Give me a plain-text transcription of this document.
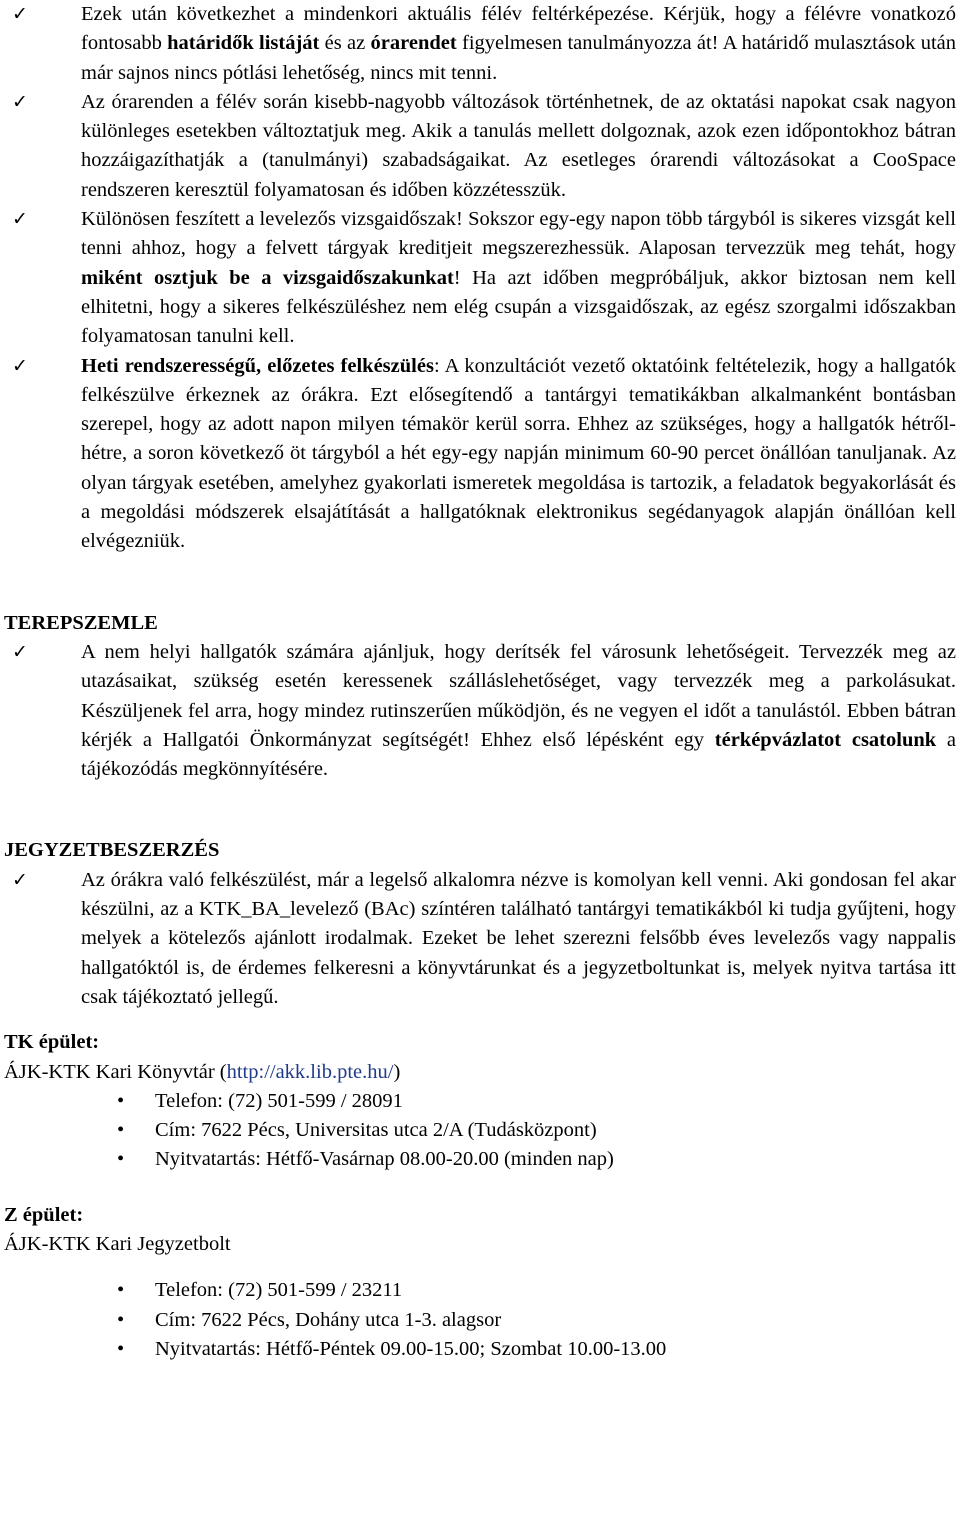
✓	Ezek után következhet a mindenkori aktuális félév feltérképezése. Kérjük, hogy a félévre vonatkozó fontosabb határidők listáját és az órarendet figyelmesen tanulmányozza át! A határidő mulasztások után már sajnos nincs pótlási lehetőség, nincs mit tenni.
✓	Az órarenden a félév során kisebb-nagyobb változások történhetnek, de az oktatási napokat csak nagyon különleges esetekben változtatjuk meg. Akik a tanulás mellett dolgoznak, azok ezen időpontokhoz bátran hozzáigazíthatják a (tanulmányi) szabadságaikat. Az esetleges órarendi változásokat a CooSpace rendszeren keresztül folyamatosan és időben közzétesszük.
✓	Különösen feszített a levelezős vizsgaidőszak! Sokszor egy-egy napon több tárgyból is sikeres vizsgát kell tenni ahhoz, hogy a felvett tárgyak kreditjeit megszerezhessük. Alaposan tervezzük meg tehát, hogy miként osztjuk be a vizsgaidőszakunkat! Ha azt időben megpróbáljuk, akkor biztosan nem kell elhitetni, hogy a sikeres felkészüléshez nem elég csupán a vizsgaidőszak, az egész szorgalmi időszakban folyamatosan tanulni kell.
✓	Heti rendszerességű, előzetes felkészülés: A konzultációt vezető oktatóink feltételezik, hogy a hallgatók felkészülve érkeznek az órákra. Ezt elősegítendő a tantárgyi tematikákban alkalmanként bontásban szerepel, hogy az adott napon milyen témakör kerül sorra. Ehhez az szükséges, hogy a hallgatók hétről-hétre, a soron következő öt tárgyból a hét egy-egy napján minimum 60-90 percet önállóan tanuljanak. Az olyan tárgyak esetében, amelyhez gyakorlati ismeretek megoldása is tartozik, a feladatok begyakorlását és a megoldási módszerek elsajátítását a hallgatóknak elektronikus segédanyagok alapján önállóan kell elvégezniük.

TEREPSZEMLE

✓	A nem helyi hallgatók számára ajánljuk, hogy derítsék fel városunk lehetőségeit. Tervezzék meg az utazásaikat, szükség esetén keressenek szálláslehetőséget, vagy tervezzék meg a parkolásukat. Készüljenek fel arra, hogy mindez rutinszerűen működjön, és ne vegyen el időt a tanulástól. Ebben bátran kérjék a Hallgatói Önkormányzat segítségét! Ehhez első lépésként egy térképvázlatot csatolunk a tájékozódás megkönnyítésére.

JEGYZETBESZERZÉS

✓	Az órákra való felkészülést, már a legelső alkalomra nézve is komolyan kell venni. Aki gondosan fel akar készülni, az a KTK_BA_levelező (BAc) színtéren található tantárgyi tematikákból ki tudja gyűjteni, hogy melyek a kötelezős ajánlott irodalmak. Ezeket be lehet szerezni felsőbb éves levelezős vagy nappalis hallgatóktól is, de érdemes felkeresni a könyvtárunkat és a jegyzetboltunkat is, melyek nyitva tartása itt csak tájékoztató jellegű.

TK épület:

ÁJK-KTK Kari Könyvtár (http://akk.lib.pte.hu/)

• Telefon: (72) 501-599 / 28091
• Cím: 7622 Pécs, Universitas utca 2/A (Tudásközpont)
• Nyitvatartás: Hétfő-Vasárnap 08.00-20.00 (minden nap)

Z épület:

ÁJK-KTK Kari Jegyzetbolt

• Telefon: (72) 501-599 / 23211
• Cím: 7622 Pécs, Dohány utca 1-3. alagsor
• Nyitvatartás: Hétfő-Péntek 09.00-15.00; Szombat 10.00-13.00
